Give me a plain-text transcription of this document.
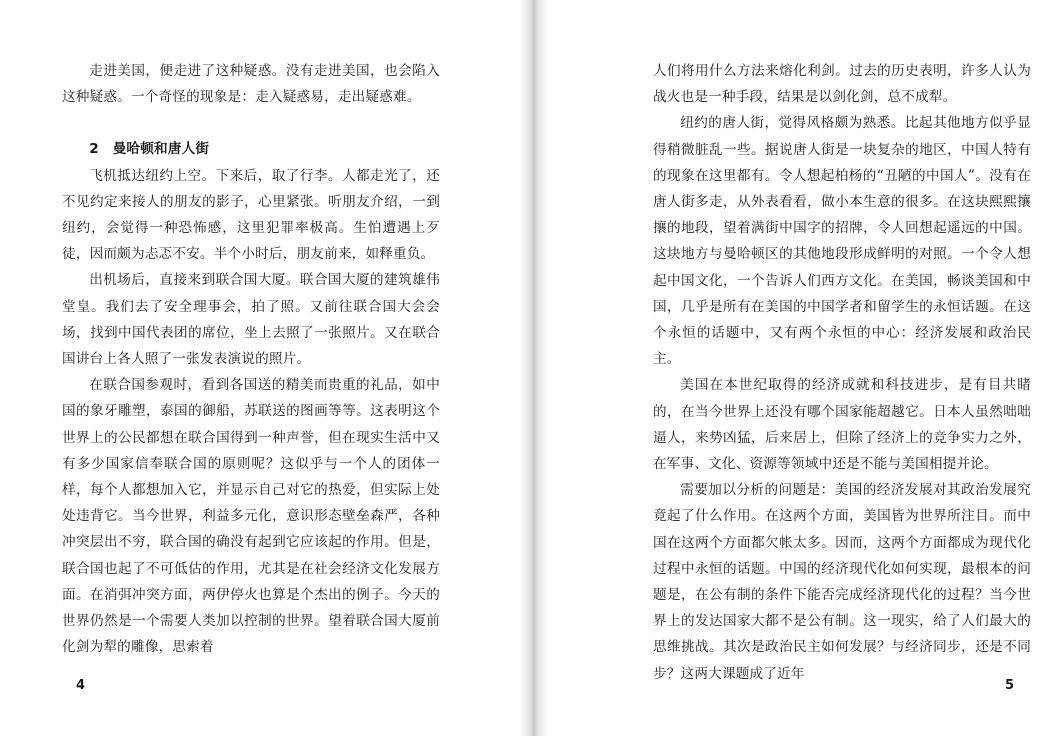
走进美国，便走进了这种疑惑。没有走进美国，也会陷入这种疑惑。一个奇怪的现象是：走入疑惑易，走出疑惑难。

2　曼哈顿和唐人街

飞机抵达纽约上空。下来后，取了行李。人都走光了，还不见约定来接人的朋友的影子，心里紧张。听朋友介绍，一到纽约，会觉得一种恐怖感，这里犯罪率极高。生怕遭遇上歹徒，因而颇为忐忑不安。半个小时后，朋友前来，如释重负。

出机场后，直接来到联合国大厦。联合国大厦的建筑雄伟堂皇。我们去了安全理事会，拍了照。又前往联合国大会会场，找到中国代表团的席位，坐上去照了一张照片。又在联合国讲台上各人照了一张发表演说的照片。

在联合国参观时，看到各国送的精美而贵重的礼品，如中国的象牙雕塑，泰国的御船，苏联送的图画等等。这表明这个世界上的公民都想在联合国得到一种声誉，但在现实生活中又有多少国家信奉联合国的原则呢？这似乎与一个人的团体一样，每个人都想加入它，并显示自己对它的热爱，但实际上处处违背它。当今世界，利益多元化，意识形态壁垒森严，各种冲突层出不穷，联合国的确没有起到它应该起的作用。但是，联合国也起了不可低估的作用，尤其是在社会经济文化发展方面。在消弭冲突方面，两伊停火也算是个杰出的例子。今天的世界仍然是一个需要人类加以控制的世界。望着联合国大厦前化剑为犁的雕像，思索着

4

人们将用什么方法来熔化利剑。过去的历史表明，许多人认为战火也是一种手段，结果是以剑化剑，总不成犁。

纽约的唐人街，觉得风格颇为熟悉。比起其他地方似乎显得稍微脏乱一些。据说唐人街是一块复杂的地区，中国人特有的现象在这里都有。令人想起柏杨的“丑陋的中国人”。没有在唐人街多走，从外表看看，做小本生意的很多。在这块熙熙攘攘的地段，望着满街中国字的招牌，令人回想起遥远的中国。这块地方与曼哈顿区的其他地段形成鲜明的对照。一个令人想起中国文化，一个告诉人们西方文化。在美国，畅谈美国和中国，几乎是所有在美国的中国学者和留学生的永恒话题。在这个永恒的话题中，又有两个永恒的中心：经济发展和政治民主。

美国在本世纪取得的经济成就和科技进步，是有目共睹的，在当今世界上还没有哪个国家能超越它。日本人虽然咄咄逼人，来势凶猛，后来居上，但除了经济上的竞争实力之外，在军事、文化、资源等领域中还是不能与美国相提并论。

需要加以分析的问题是：美国的经济发展对其政治发展究竟起了什么作用。在这两个方面，美国皆为世界所注目。而中国在这两个方面都欠帐太多。因而，这两个方面都成为现代化过程中永恒的话题。中国的经济现代化如何实现，最根本的问题是，在公有制的条件下能否完成经济现代化的过程？当今世界上的发达国家大都不是公有制。这一现实，给了人们最大的思维挑战。其次是政治民主如何发展？与经济同步，还是不同步？这两大课题成了近年

5
